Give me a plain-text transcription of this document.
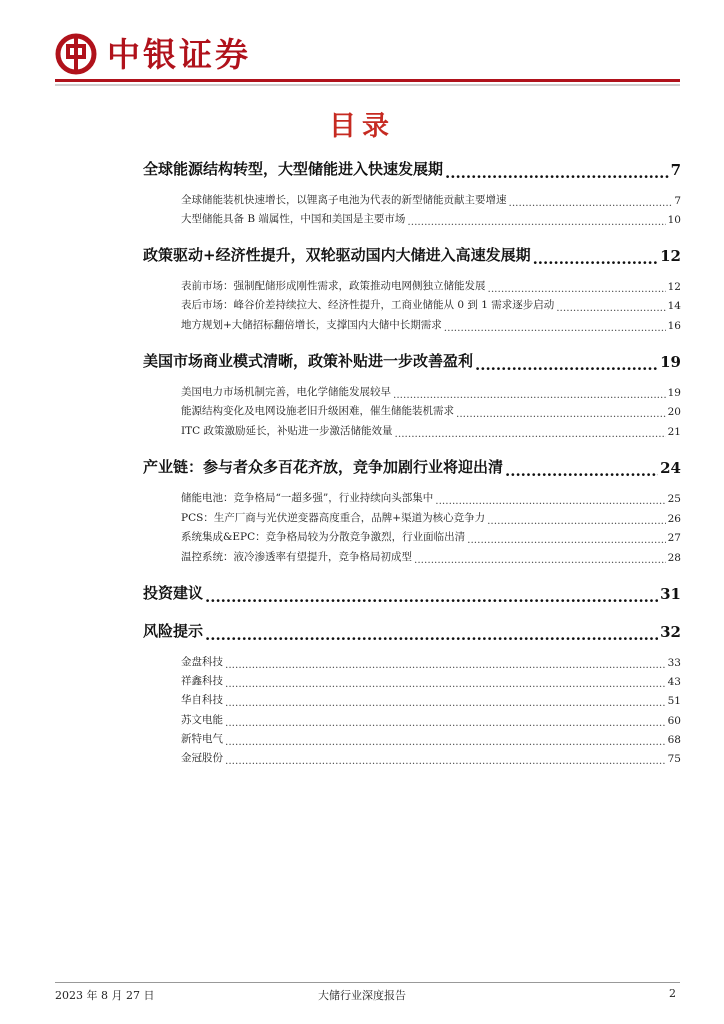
中银证券
目录
全球能源结构转型，大型储能进入快速发展期 .....	7
全球储能装机快速增长，以锂离子电池为代表的新型储能贡献主要增速 .....	7
大型储能具备 B 端属性，中国和美国是主要市场 .....	10
政策驱动+经济性提升，双轮驱动国内大储进入高速发展期 .....	12
表前市场：强制配储形成刚性需求，政策推动电网侧独立储能发展 .....	12
表后市场：峰谷价差持续拉大、经济性提升，工商业储能从 0 到 1 需求逐步启动 .....	14
地方规划+大储招标翻倍增长，支撑国内大储中长期需求 .....	16
美国市场商业模式清晰，政策补贴进一步改善盈利 .....	19
美国电力市场机制完善，电化学储能发展较早 .....	19
能源结构变化及电网设施老旧升级困难，催生储能装机需求 .....	20
ITC 政策激励延长，补贴进一步激活储能效量 .....	21
产业链：参与者众多百花齐放，竞争加剧行业将迎出清 .....	24
储能电池：竞争格局“一超多强”，行业持续向头部集中 .....	25
PCS：生产厂商与光伏逆变器高度重合，品牌+渠道为核心竞争力 .....	26
系统集成&EPC：竞争格局较为分散竞争激烈，行业面临出清 .....	27
温控系统：液冷渗透率有望提升，竞争格局初成型 .....	28
投资建议 .....	31
风险提示 .....	32
金盘科技 .....	33
祥鑫科技 .....	43
华自科技 .....	51
苏文电能 .....	60
新特电气 .....	68
金冠股份 .....	75
2023 年 8 月 27 日	大储行业深度报告	2
